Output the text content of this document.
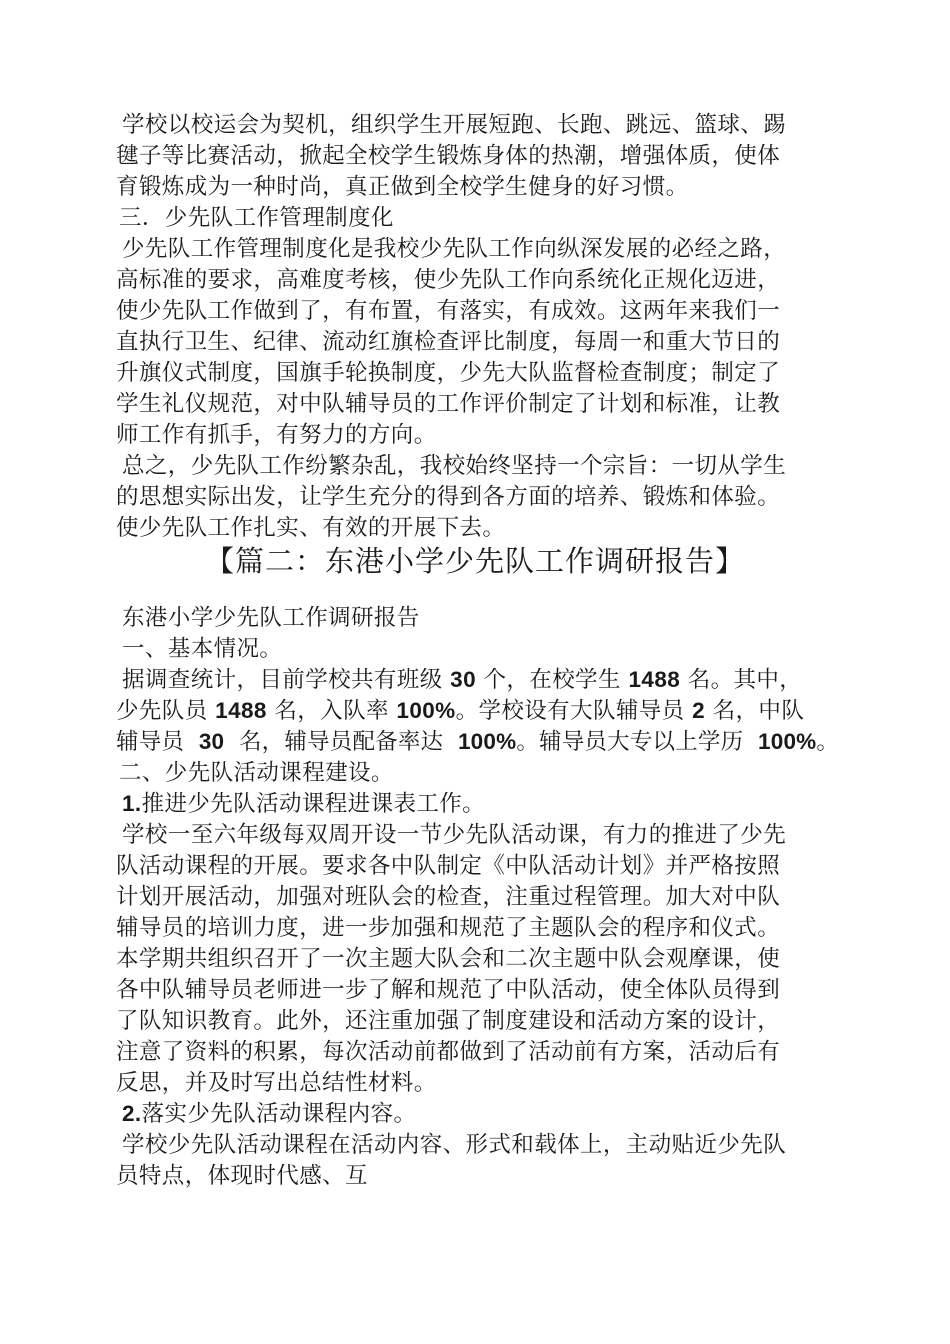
学校以校运会为契机，组织学生开展短跑、长跑、跳远、篮球、踢
毽子等比赛活动，掀起全校学生锻炼身体的热潮，增强体质，使体
育锻炼成为一种时尚，真正做到全校学生健身的好习惯。
三．少先队工作管理制度化
少先队工作管理制度化是我校少先队工作向纵深发展的必经之路，
高标准的要求，高难度考核，使少先队工作向系统化正规化迈进，
使少先队工作做到了，有布置，有落实，有成效。这两年来我们一
直执行卫生、纪律、流动红旗检查评比制度，每周一和重大节日的
升旗仪式制度，国旗手轮换制度，少先大队监督检查制度；制定了
学生礼仪规范，对中队辅导员的工作评价制定了计划和标准，让教
师工作有抓手，有努力的方向。
总之，少先队工作纷繁杂乱，我校始终坚持一个宗旨：一切从学生
的思想实际出发，让学生充分的得到各方面的培养、锻炼和体验。
使少先队工作扎实、有效的开展下去。
【篇二：东港小学少先队工作调研报告】
东港小学少先队工作调研报告
一、基本情况。
据调查统计，目前学校共有班级 30 个，在校学生 1488 名。其中，
少先队员 1488 名，入队率 100%。学校设有大队辅导员 2 名，中队
辅导员  30  名，辅导员配备率达  100%。辅导员大专以上学历  100%。
二、少先队活动课程建设。
1.推进少先队活动课程进课表工作。
学校一至六年级每双周开设一节少先队活动课，有力的推进了少先
队活动课程的开展。要求各中队制定《中队活动计划》并严格按照
计划开展活动，加强对班队会的检查，注重过程管理。加大对中队
辅导员的培训力度，进一步加强和规范了主题队会的程序和仪式。
本学期共组织召开了一次主题大队会和二次主题中队会观摩课，使
各中队辅导员老师进一步了解和规范了中队活动，使全体队员得到
了队知识教育。此外，还注重加强了制度建设和活动方案的设计，
注意了资料的积累，每次活动前都做到了活动前有方案，活动后有
反思，并及时写出总结性材料。
2.落实少先队活动课程内容。
学校少先队活动课程在活动内容、形式和载体上，主动贴近少先队
员特点，体现时代感、互
